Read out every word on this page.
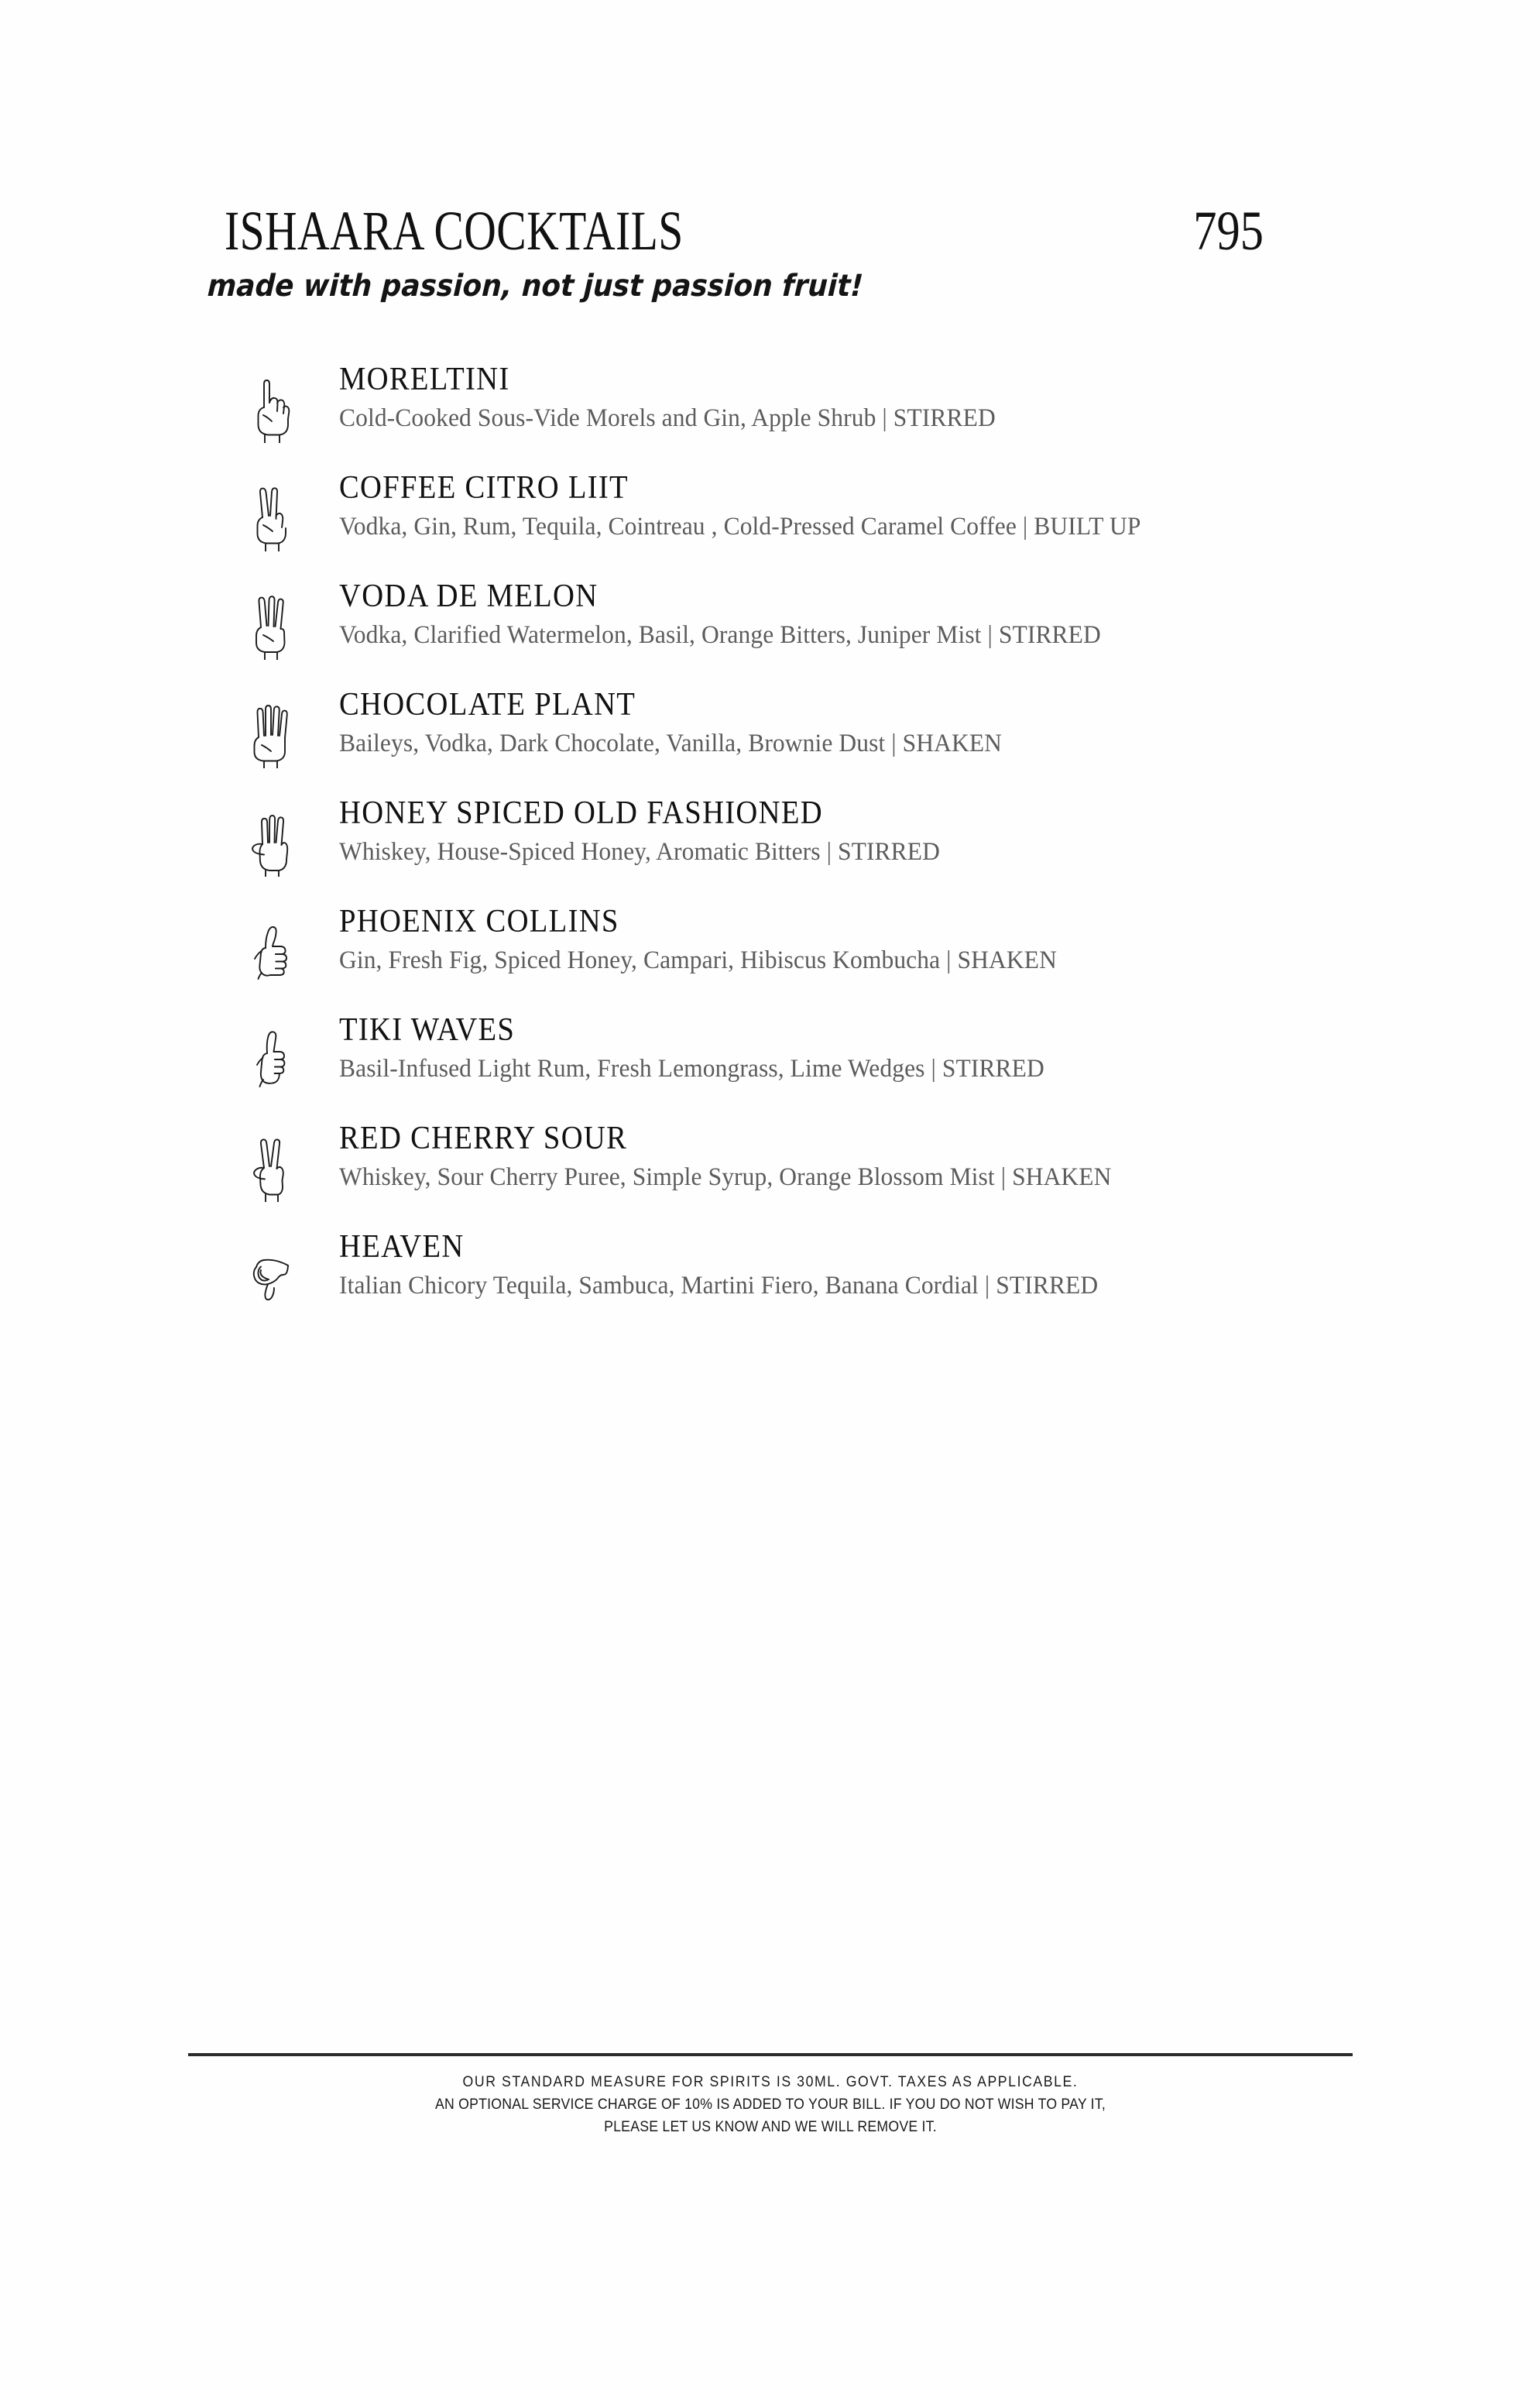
ISHAARA COCKTAILS	795
made with passion, not just passion fruit!
MORELTINI
Cold-Cooked Sous-Vide Morels and Gin, Apple Shrub | STIRRED
COFFEE CITRO LIIT
Vodka, Gin, Rum, Tequila, Cointreau , Cold-Pressed Caramel Coffee | BUILT UP
VODA DE MELON
Vodka, Clarified Watermelon, Basil, Orange Bitters, Juniper Mist | STIRRED
CHOCOLATE PLANT
Baileys, Vodka, Dark Chocolate, Vanilla, Brownie Dust | SHAKEN
HONEY SPICED OLD FASHIONED
Whiskey, House-Spiced Honey, Aromatic Bitters | STIRRED
PHOENIX COLLINS
Gin, Fresh Fig, Spiced Honey, Campari, Hibiscus Kombucha | SHAKEN
TIKI WAVES
Basil-Infused Light Rum, Fresh Lemongrass, Lime Wedges | STIRRED
RED CHERRY SOUR
Whiskey, Sour Cherry Puree, Simple Syrup, Orange Blossom Mist | SHAKEN
HEAVEN
Italian Chicory Tequila, Sambuca, Martini Fiero, Banana Cordial | STIRRED
OUR STANDARD MEASURE FOR SPIRITS IS 30ML. GOVT. TAXES AS APPLICABLE.
AN OPTIONAL SERVICE CHARGE OF 10% IS ADDED TO YOUR BILL. IF YOU DO NOT WISH TO PAY IT,
PLEASE LET US KNOW AND WE WILL REMOVE IT.
